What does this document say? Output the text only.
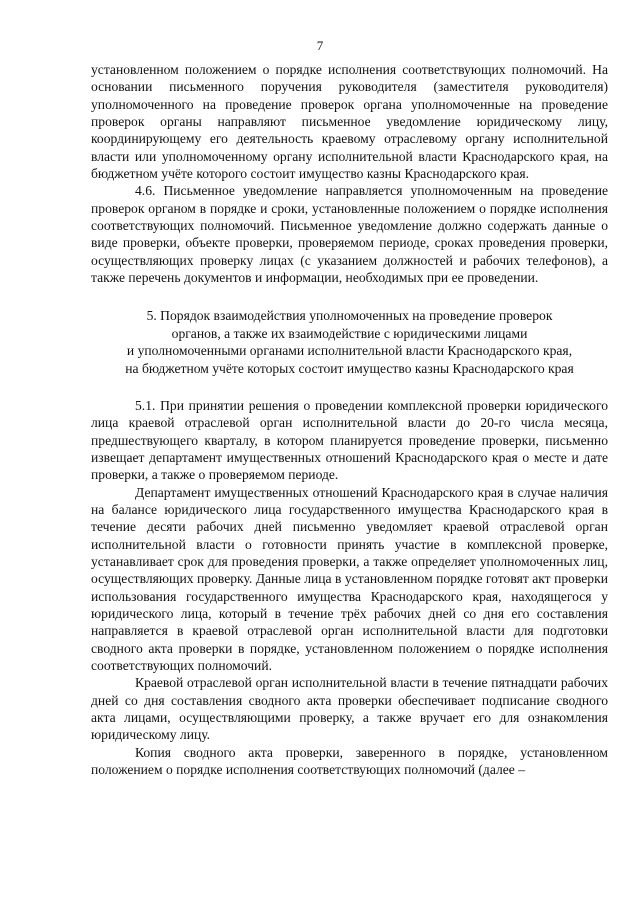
7

установленном положением о порядке исполнения соответствующих полномочий. На основании письменного поручения руководителя (заместителя руководителя) уполномоченного на проведение проверок органа уполномоченные на проведение проверок органы направляют письменное уведомление юридическому лицу, координирующему его деятельность краевому отраслевому органу исполнительной власти или уполномоченному органу исполнительной власти Краснодарского края, на бюджетном учёте которого состоит имущество казны Краснодарского края.

4.6. Письменное уведомление направляется уполномоченным на проведение проверок органом в порядке и сроки, установленные положением о порядке исполнения соответствующих полномочий. Письменное уведомление должно содержать данные о виде проверки, объекте проверки, проверяемом периоде, сроках проведения проверки, осуществляющих проверку лицах (с указанием должностей и рабочих телефонов), а также перечень документов и информации, необходимых при ее проведении.

5. Порядок взаимодействия уполномоченных на проведение проверок
органов, а также их взаимодействие с юридическими лицами
и уполномоченными органами исполнительной власти Краснодарского края,
на бюджетном учёте которых состоит имущество казны Краснодарского края

5.1. При принятии решения о проведении комплексной проверки юридического лица краевой отраслевой орган исполнительной власти до 20-го числа месяца, предшествующего кварталу, в котором планируется проведение проверки, письменно извещает департамент имущественных отношений Краснодарского края о месте и дате проверки, а также о проверяемом периоде.

Департамент имущественных отношений Краснодарского края в случае наличия на балансе юридического лица государственного имущества Краснодарского края в течение десяти рабочих дней письменно уведомляет краевой отраслевой орган исполнительной власти о готовности принять участие в комплексной проверке, устанавливает срок для проведения проверки, а также определяет уполномоченных лиц, осуществляющих проверку. Данные лица в установленном порядке готовят акт проверки использования государственного имущества Краснодарского края, находящегося у юридического лица, который в течение трёх рабочих дней со дня его составления направляется в краевой отраслевой орган исполнительной власти для подготовки сводного акта проверки в порядке, установленном положением о порядке исполнения соответствующих полномочий.

Краевой отраслевой орган исполнительной власти в течение пятнадцати рабочих дней со дня составления сводного акта проверки обеспечивает подписание сводного акта лицами, осуществляющими проверку, а также вручает его для ознакомления юридическому лицу.

Копия сводного акта проверки, заверенного в порядке, установленном положением о порядке исполнения соответствующих полномочий (далее –
